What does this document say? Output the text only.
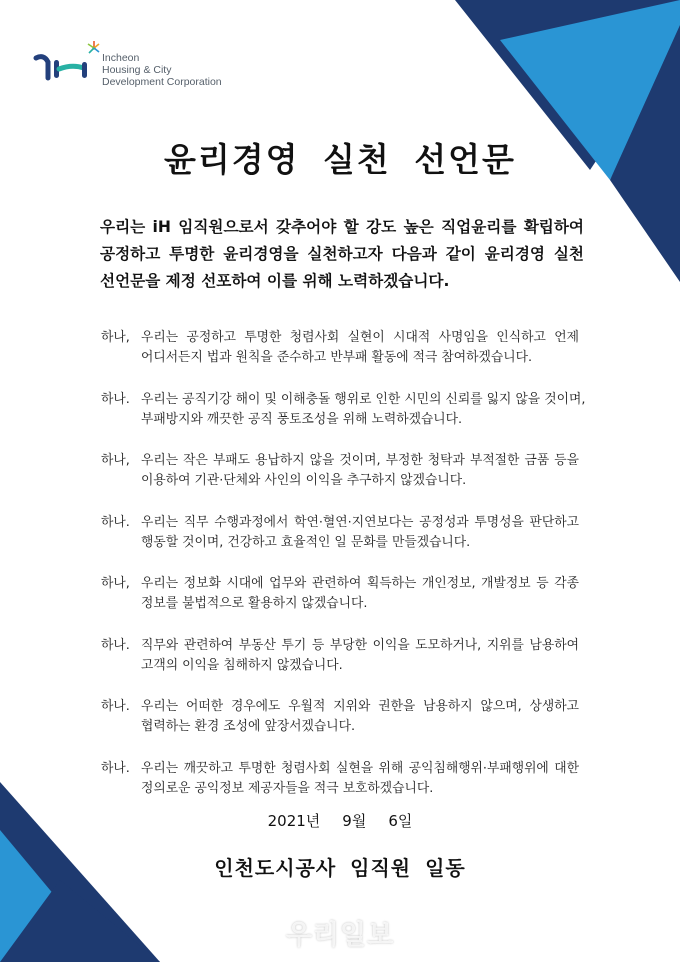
Incheon
Housing & City
Development Corporation
윤리경영 실천 선언문
우리는 iH 임직원으로서 갖추어야 할 강도 높은 직업윤리를 확립하여
공정하고 투명한 윤리경영을 실천하고자 다음과 같이 윤리경영 실천
선언문을 제정 선포하여 이를 위해 노력하겠습니다.
하나, 우리는 공정하고 투명한 청렴사회 실현이 시대적 사명임을 인식하고 언제
어디서든지 법과 원칙을 준수하고 반부패 활동에 적극 참여하겠습니다.
하나. 우리는 공직기강 해이 및 이해충돌 행위로 인한 시민의 신뢰를 잃지 않을 것이며,
부패방지와 깨끗한 공직 풍토조성을 위해 노력하겠습니다.
하나, 우리는 작은 부패도 용납하지 않을 것이며, 부정한 청탁과 부적절한 금품 등을
이용하여 기관·단체와 사인의 이익을 추구하지 않겠습니다.
하나. 우리는 직무 수행과정에서 학연·혈연·지연보다는 공정성과 투명성을 판단하고
행동할 것이며, 건강하고 효율적인 일 문화를 만들겠습니다.
하나, 우리는 정보화 시대에 업무와 관련하여 획득하는 개인정보, 개발정보 등 각종
정보를 불법적으로 활용하지 않겠습니다.
하나. 직무와 관련하여 부동산 투기 등 부당한 이익을 도모하거나, 지위를 남용하여
고객의 이익을 침해하지 않겠습니다.
하나. 우리는 어떠한 경우에도 우월적 지위와 권한을 남용하지 않으며, 상생하고
협력하는 환경 조성에 앞장서겠습니다.
하나. 우리는 깨끗하고 투명한 청렴사회 실현을 위해 공익침해행위·부패행위에 대한
정의로운 공익정보 제공자들을 적극 보호하겠습니다.
2021년 9월 6일
인천도시공사 임직원 일동
우리일보
